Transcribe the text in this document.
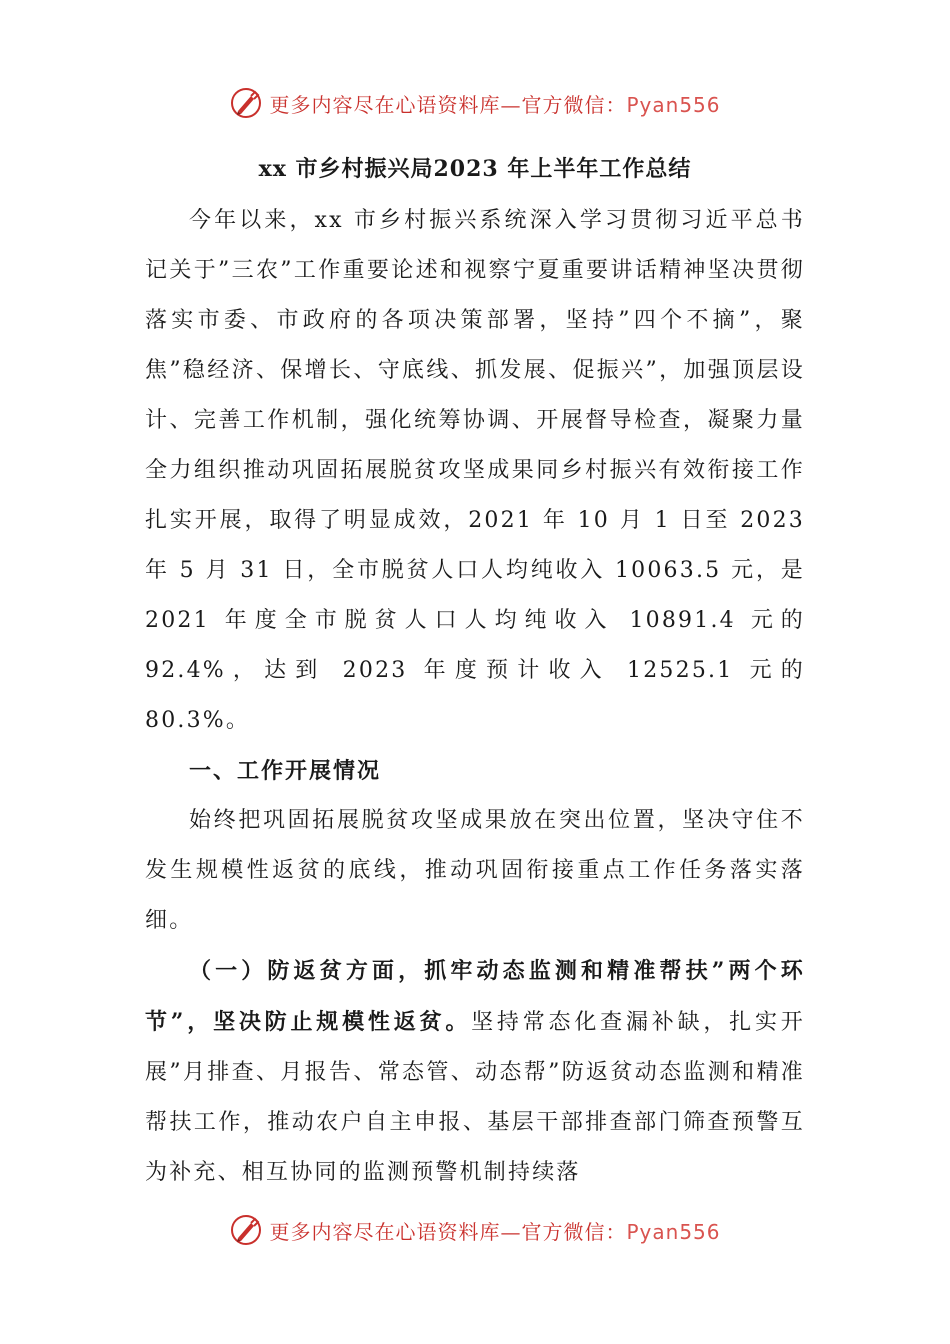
更多内容尽在心语资料库—官方微信：Pyan556
xx 市乡村振兴局2023 年上半年工作总结

今年以来，xx 市乡村振兴系统深入学习贯彻习近平总书记关于”三农”工作重要论述和视察宁夏重要讲话精神坚决贯彻落实市委、市政府的各项决策部署，坚持”四个不摘”，聚焦”稳经济、保增长、守底线、抓发展、促振兴”，加强顶层设计、完善工作机制，强化统筹协调、开展督导检查，凝聚力量全力组织推动巩固拓展脱贫攻坚成果同乡村振兴有效衔接工作扎实开展，取得了明显成效，2021 年 10 月 1 日至 2023 年 5 月 31 日，全市脱贫人口人均纯收入 10063.5 元，是 2021 年度全市脱贫人口人均纯收入 10891.4 元的 92.4%，达到 2023 年度预计收入 12525.1 元的 80.3%。

一、工作开展情况

始终把巩固拓展脱贫攻坚成果放在突出位置，坚决守住不发生规模性返贫的底线，推动巩固衔接重点工作任务落实落细。

（一）防返贫方面，抓牢动态监测和精准帮扶”两个环节”，坚决防止规模性返贫。坚持常态化查漏补缺，扎实开展”月排查、月报告、常态管、动态帮”防返贫动态监测和精准帮扶工作，推动农户自主申报、基层干部排查部门筛查预警互为补充、相互协同的监测预警机制持续落

更多内容尽在心语资料库—官方微信：Pyan556
